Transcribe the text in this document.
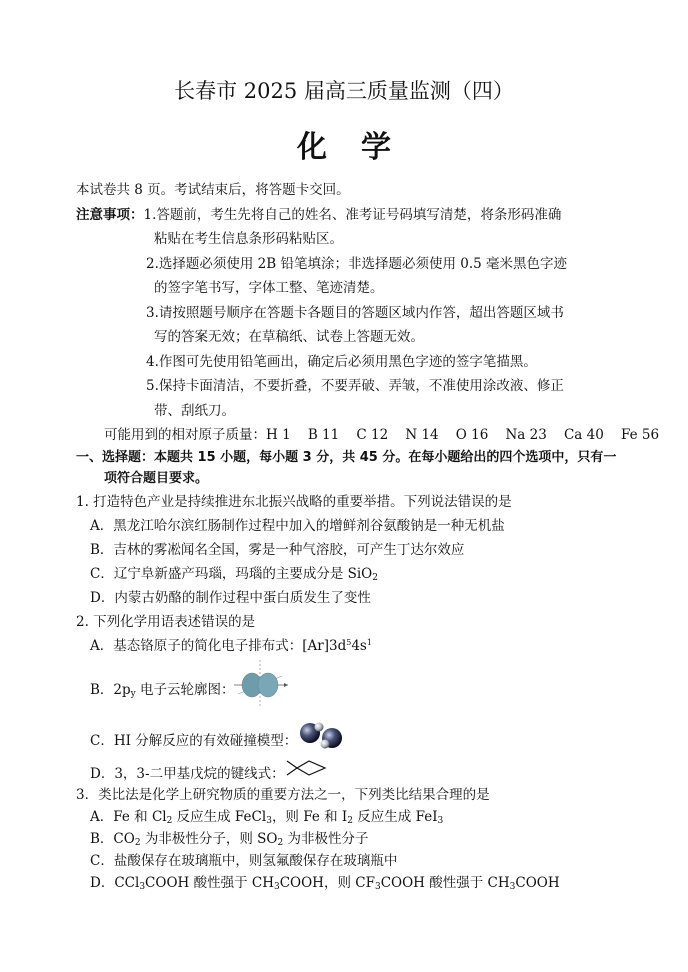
长春市 2025 届高三质量监测（四）
化学
本试卷共 8 页。考试结束后，将答题卡交回。
注意事项：1.答题前，考生先将自己的姓名、准考证号码填写清楚，将条形码准确
粘贴在考生信息条形码粘贴区。
2.选择题必须使用 2B 铅笔填涂；非选择题必须使用 0.5 毫米黑色字迹
的签字笔书写，字体工整、笔迹清楚。
3.请按照题号顺序在答题卡各题目的答题区域内作答，超出答题区域书
写的答案无效；在草稿纸、试卷上答题无效。
4.作图可先使用铅笔画出，确定后必须用黑色字迹的签字笔描黑。
5.保持卡面清洁，不要折叠，不要弄破、弄皱，不准使用涂改液、修正
带、刮纸刀。
可能用到的相对原子质量：H 1    B 11    C 12    N 14    O 16    Na 23    Ca 40    Fe 56
一、选择题：本题共 15 小题，每小题 3 分，共 45 分。在每小题给出的四个选项中，只有一
项符合题目要求。
1. 打造特色产业是持续推进东北振兴战略的重要举措。下列说法错误的是
A．黑龙江哈尔滨红肠制作过程中加入的增鲜剂谷氨酸钠是一种无机盐
B．吉林的雾凇闻名全国，雾是一种气溶胶，可产生丁达尔效应
C．辽宁阜新盛产玛瑙，玛瑙的主要成分是 SiO$_2$
D．内蒙古奶酪的制作过程中蛋白质发生了变性
2. 下列化学用语表述错误的是
A．基态铬原子的简化电子排布式：$[Ar]3d^54s^1$
B．$2p_y$ 电子云轮廓图：
C．HI 分解反应的有效碰撞模型：
D．3，3-二甲基戊烷的键线式：
3．类比法是化学上研究物质的重要方法之一，下列类比结果合理的是
A．Fe 和 $Cl_2$ 反应生成 FeCl$_3$，则 Fe 和 $I_2$ 反应生成 FeI$_3$
B．$CO_2$ 为非极性分子，则 $SO_2$ 为非极性分子
C．盐酸保存在玻璃瓶中，则氢氟酸保存在玻璃瓶中
D．CCl$_3$COOH 酸性强于 $CH_3COOH$，则 $CF_3COOH$ 酸性强于 $CH_3COOH$
